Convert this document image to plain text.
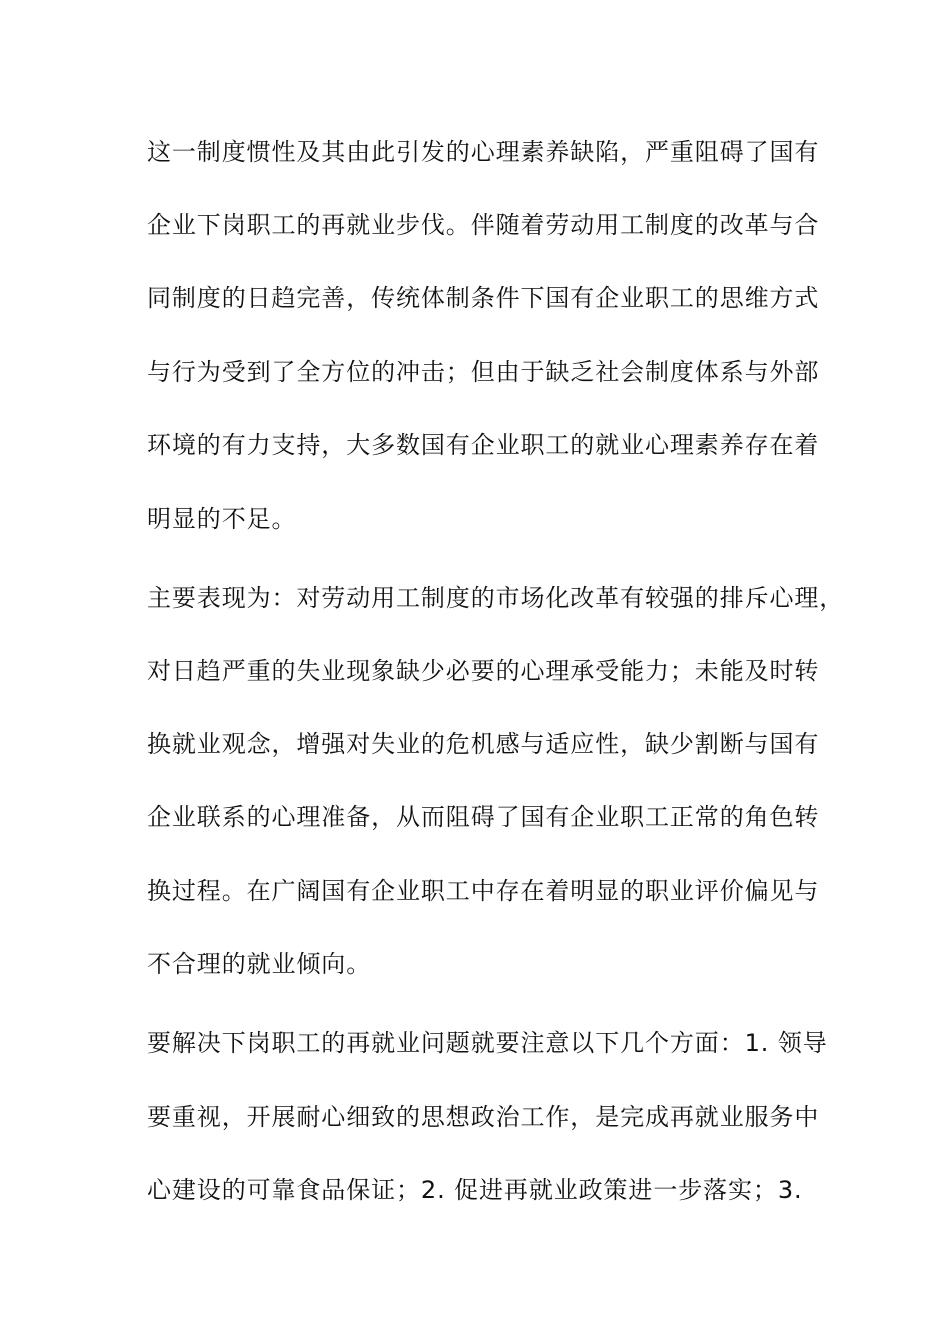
这一制度惯性及其由此引发的心理素养缺陷，严重阻碍了国有
企业下岗职工的再就业步伐。伴随着劳动用工制度的改革与合
同制度的日趋完善，传统体制条件下国有企业职工的思维方式
与行为受到了全方位的冲击；但由于缺乏社会制度体系与外部
环境的有力支持，大多数国有企业职工的就业心理素养存在着
明显的不足。
主要表现为：对劳动用工制度的市场化改革有较强的排斥心理，
对日趋严重的失业现象缺少必要的心理承受能力；未能及时转
换就业观念，增强对失业的危机感与适应性，缺少割断与国有
企业联系的心理准备，从而阻碍了国有企业职工正常的角色转
换过程。在广阔国有企业职工中存在着明显的职业评价偏见与
不合理的就业倾向。
要解决下岗职工的再就业问题就要注意以下几个方面：1. 领导
要重视，开展耐心细致的思想政治工作，是完成再就业服务中
心建设的可靠食品保证；2. 促进再就业政策进一步落实；3.
